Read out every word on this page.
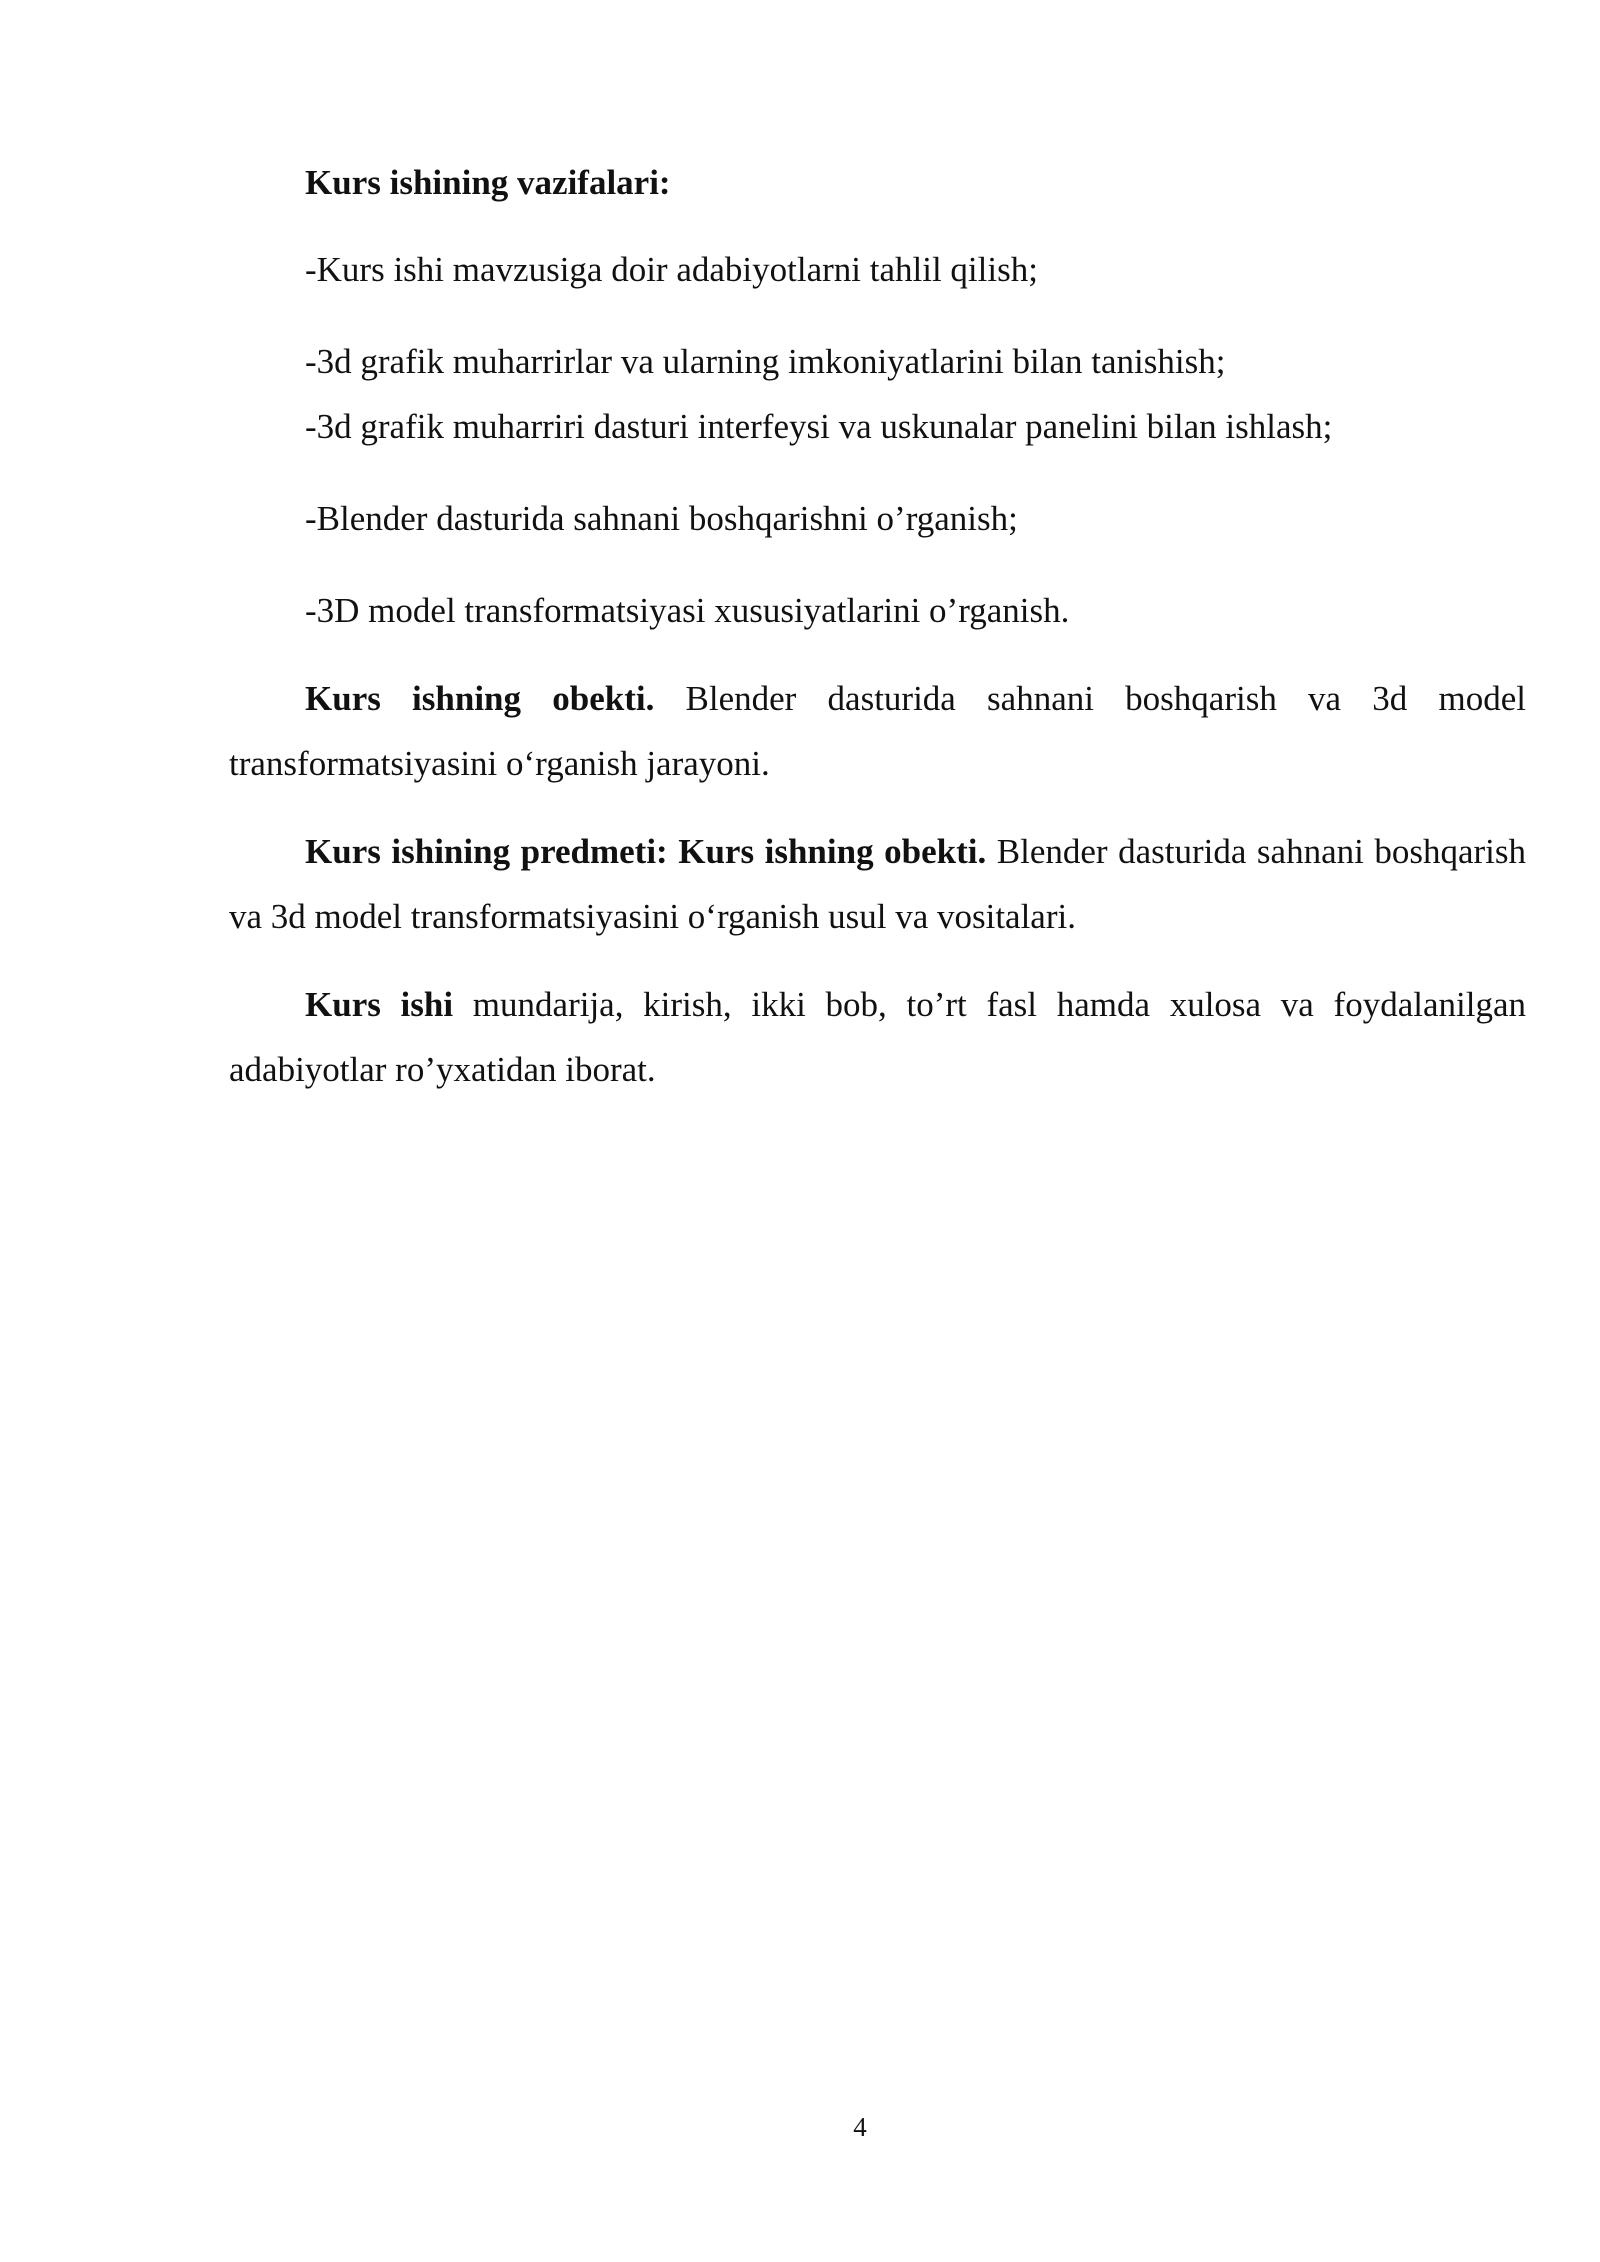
Kurs ishining vazifalari:

-Kurs ishi mavzusiga doir adabiyotlarni tahlil qilish;

-3d grafik muharrirlar va ularning imkoniyatlarini bilan tanishish;

-3d grafik muharriri dasturi interfeysi va uskunalar panelini bilan ishlash;

-Blender dasturida sahnani boshqarishni o’rganish;

-3D model transformatsiyasi xususiyatlarini o’rganish.

Kurs ishning obekti. Blender dasturida sahnani boshqarish va 3d model transformatsiyasini o‘rganish jarayoni.

Kurs ishining predmeti: Kurs ishning obekti. Blender dasturida sahnani boshqarish va 3d model transformatsiyasini o‘rganish usul va vositalari.

Kurs ishi mundarija, kirish, ikki bob, to’rt fasl hamda xulosa va foydalanilgan adabiyotlar ro’yxatidan iborat.

4
